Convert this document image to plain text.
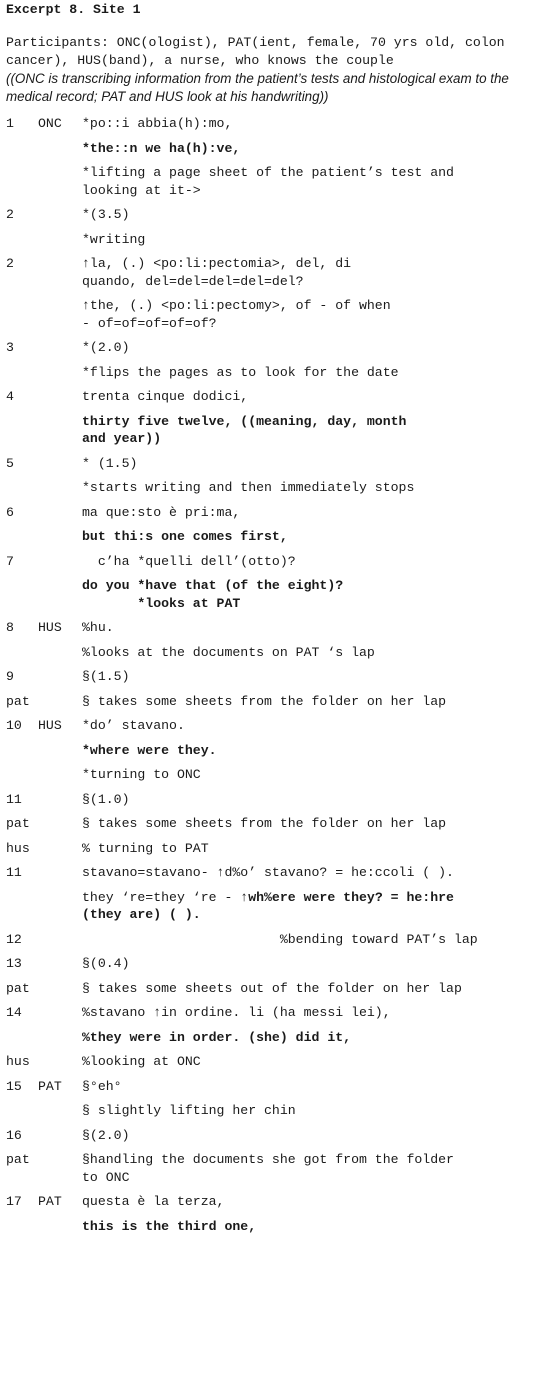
Excerpt 8. Site 1
Participants: ONC(ologist), PAT(ient, female, 70 yrs old, colon cancer), HUS(band), a nurse, who knows the couple
((ONC is transcribing information from the patient’s tests and histological exam to the medical record; PAT and HUS look at his handwriting))
1	ONC	*po::i abbia(h):mo,
*the::n we ha(h):ve,
*lifting a page sheet of the patient’s test and
looking at it->
2	*(3.5)
*writing
2	↑la, (.) <po:li:pectomia>, del, di
quando, del=del=del=del=del?
↑the, (.) <po:li:pectomy>, of - of when
- of=of=of=of=of?
3	*(2.0)
*flips the pages as to look for the date
4	trenta cinque dodici,
thirty five twelve, ((meaning, day, month
and year))
5	* (1.5)
*starts writing and then immediately stops
6	ma que:sto è pri:ma,
but thi:s one comes first,
7	c’ha *quelli dell’(otto)?
do you *have that (of the eight)?
*looks at PAT
8	HUS	%hu.
%looks at the documents on PAT ‘s lap
9	§(1.5)
pat	§ takes some sheets from the folder on her lap
10	HUS	*do’ stavano.
*where were they.
*turning to ONC
11	§(1.0)
pat	§ takes some sheets from the folder on her lap
hus	% turning to PAT
11	stavano=stavano- ↑d%o’ stavano? = he:ccoli ( ).
they ‘re=they ‘re - ↑wh%ere were they? = he:hre
(they are) ( ).
12	%bending toward PAT’s lap
13	§(0.4)
pat	§ takes some sheets out of the folder on her lap
14	%stavano ↑in ordine. li (ha messi lei),
%they were in order. (she) did it,
hus	%looking at ONC
15	PAT	§°eh°
§ slightly lifting her chin
16	§(2.0)
pat	§handling the documents she got from the folder
to ONC
17	PAT	questa è la terza,
this is the third one,
